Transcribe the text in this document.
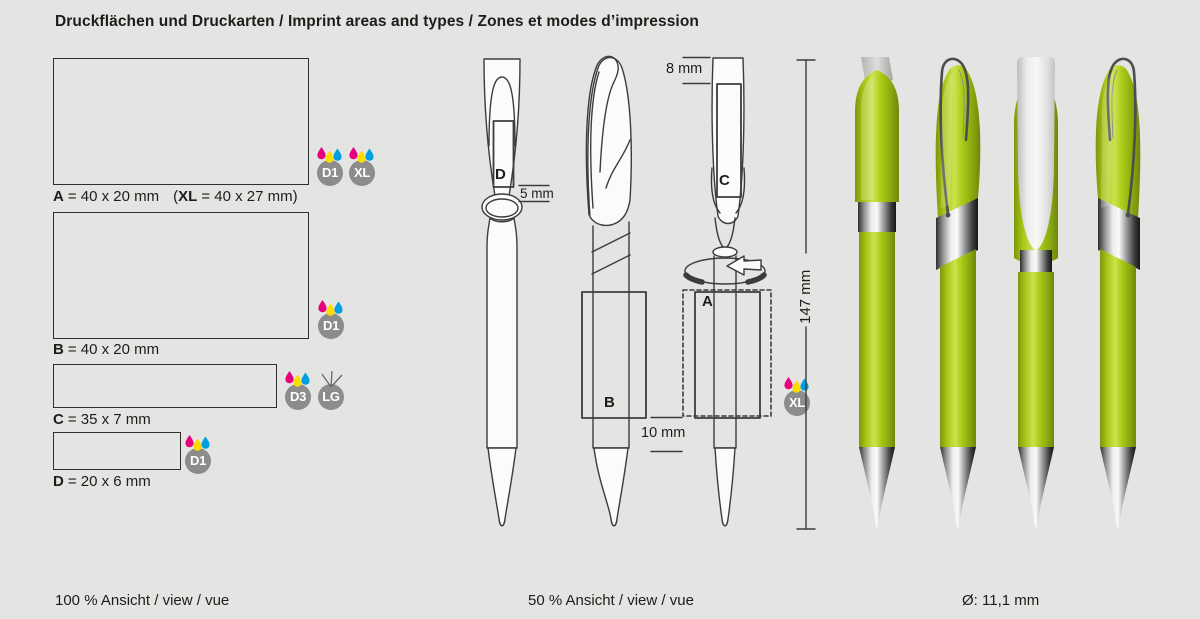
Druckflächen und Druckarten / Imprint areas and types / Zones et modes d’impression
A = 40 x 20 mm (XL = 40 x 27 mm)
B = 40 x 20 mm
C = 35 x 7 mm
D = 20 x 6 mm
D1	XL
D1
D3	LG
D1
XL
D
5 mm
B
10 mm
C
8 mm
A	147 mm
100 % Ansicht / view / vue	50 % Ansicht / view / vue	Ø: 11,1 mm
